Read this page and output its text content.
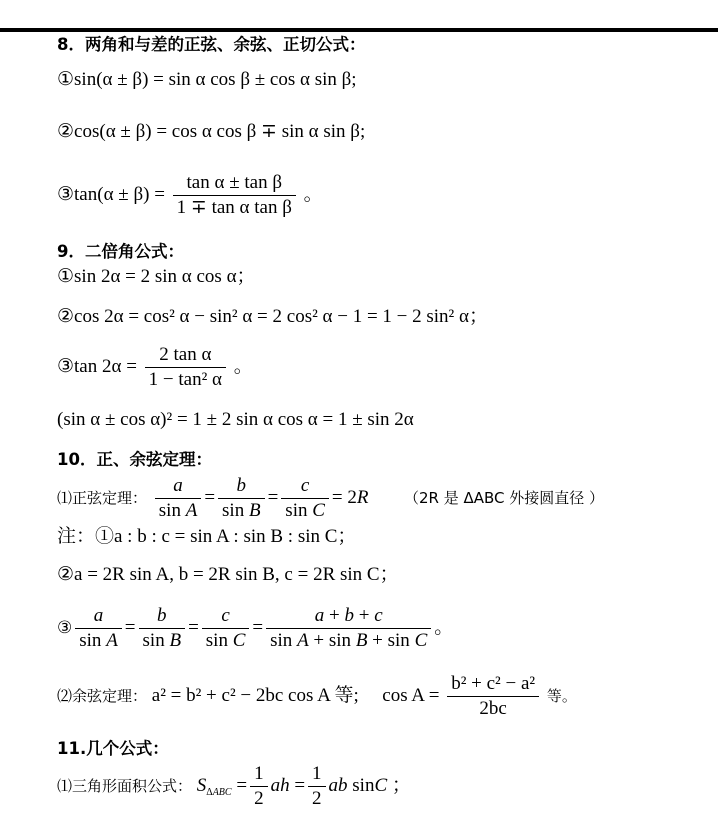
8．两角和与差的正弦、余弦、正切公式：
①sin(α ± β) = sin α cos β ± cos α sin β;
②cos(α ± β) = cos α cos β ∓ sin α sin β;
③tan(α ± $\beta) = \frac{\text{tan α ± tan β}}{\text{1 ∓ tan α tan β}}$ 。
9．二倍角公式：
①sin 2α = 2 sin α cos α；
②cos 2α = cos² α − sin² α = 2 cos² α − 1 = 1 − 2 sin² α；
③tan $2\alpha = \frac{\text{2 tan α}}{\text{1 − tan² α}}$ 。
(sin α ± cos α)² = 1 ± 2 sin α cos α = 1 ± sin 2α
10．正、余弦定理：
⑴正弦定理： $\frac{a}{\text{sin A}} = \frac{b}{\text{sin B}} = \frac{c}{\text{sin C}} = 2R$ （2R 是 ΔABC 外接圆直径 ）
注：①a : b : c = sin A : sin B : sin C；
②a = 2R sin A, b = 2R sin B, c = 2R sin C；
③ $\frac{a}{\text{sin A}} = \frac{b}{\text{sin B}} = \frac{c}{\text{sin C}} = \frac{a + b + c}{\text{sin A + sin B + sin C}}$ 。
⑵余弦定理： a² = b² + c² − 2bc cos A 等; $\cos A = \frac{\text{b² + c² − a²}}{2bc}$ 等。
11.几个公式：
⑴三角形面积公式： $S_{\Delta ABC} = \frac{1}{2}$ ah = $\frac{1}{2}$ ab sinC ；
